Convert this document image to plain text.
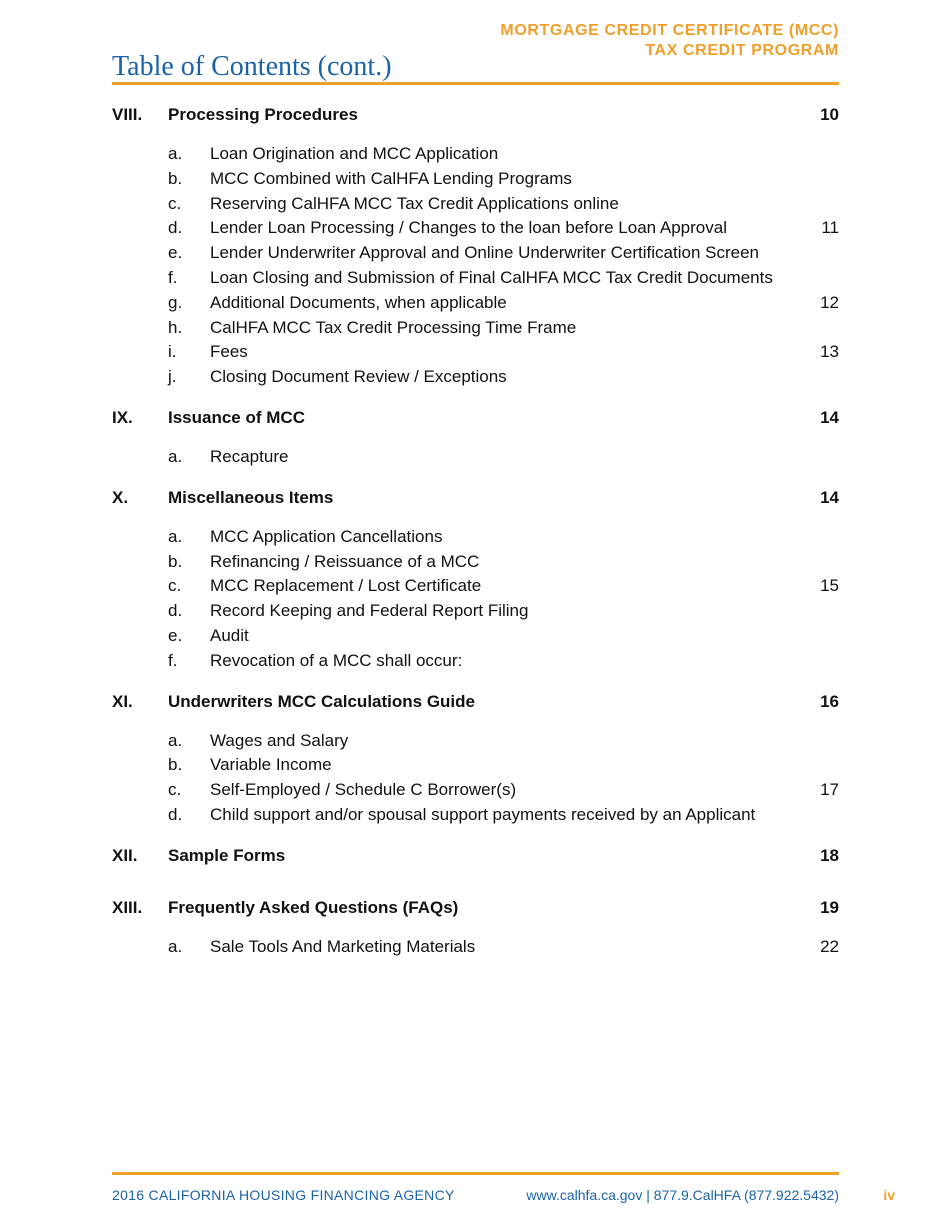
MORTGAGE CREDIT CERTIFICATE (MCC)
TAX CREDIT PROGRAM
Table of Contents (cont.)
VIII.	Processing Procedures	10
a.	Loan Origination and MCC Application
b.	MCC Combined with CalHFA Lending Programs
c.	Reserving CalHFA MCC Tax Credit Applications online
d.	Lender Loan Processing / Changes to the loan before Loan Approval	11
e.	Lender Underwriter Approval and Online Underwriter Certification Screen
f.	Loan Closing and Submission of Final CalHFA MCC Tax Credit Documents
g.	Additional Documents, when applicable	12
h.	CalHFA MCC Tax Credit Processing Time Frame
i.	Fees	13
j.	Closing Document Review / Exceptions
IX.	Issuance of MCC	14
a.	Recapture
X.	Miscellaneous Items	14
a.	MCC Application Cancellations
b.	Refinancing / Reissuance of a MCC
c.	MCC Replacement / Lost Certificate	15
d.	Record Keeping and Federal Report Filing
e.	Audit
f.	Revocation of a MCC shall occur:
XI.	Underwriters MCC Calculations Guide	16
a.	Wages and Salary
b.	Variable Income
c.	Self-Employed / Schedule C Borrower(s)	17
d.	Child support and/or spousal support payments received by an Applicant
XII.	Sample Forms	18
XIII.	Frequently Asked Questions (FAQs)	19
a.	Sale Tools And Marketing Materials	22
2016 CALIFORNIA HOUSING FINANCING AGENCY	www.calhfa.ca.gov | 877.9.CalHFA (877.922.5432)	iv
